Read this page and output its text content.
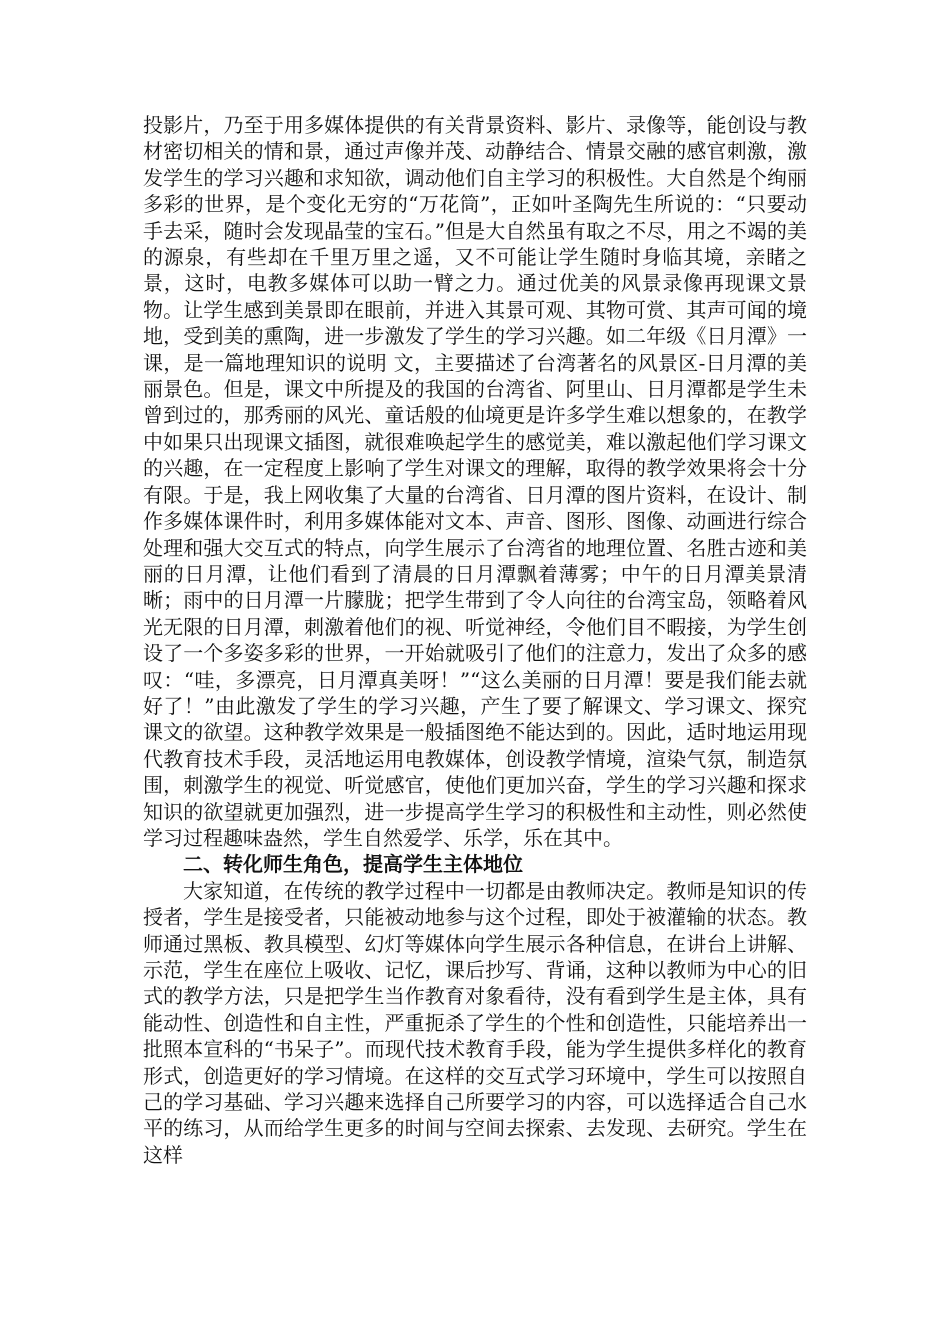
投影片，乃至于用多媒体提供的有关背景资料、影片、录像等，能创设与教材密切相关的情和景，通过声像并茂、动静结合、情景交融的感官刺激，激发学生的学习兴趣和求知欲，调动他们自主学习的积极性。大自然是个绚丽多彩的世界，是个变化无穷的“万花筒”，正如叶圣陶先生所说的：“只要动手去采，随时会发现晶莹的宝石。”但是大自然虽有取之不尽，用之不竭的美的源泉，有些却在千里万里之遥，又不可能让学生随时身临其境，亲睹之景，这时，电教多媒体可以助一臂之力。通过优美的风景录像再现课文景物。让学生感到美景即在眼前，并进入其景可观、其物可赏、其声可闻的境地，受到美的熏陶，进一步激发了学生的学习兴趣。如二年级《日月潭》一课，是一篇地理知识的说明 文，主要描述了台湾著名的风景区-日月潭的美丽景色。但是，课文中所提及的我国的台湾省、阿里山、日月潭都是学生未曾到过的，那秀丽的风光、童话般的仙境更是许多学生难以想象的，在教学中如果只出现课文插图，就很难唤起学生的感觉美，难以激起他们学习课文的兴趣，在一定程度上影响了学生对课文的理解，取得的教学效果将会十分有限。于是，我上网收集了大量的台湾省、日月潭的图片资料，在设计、制作多媒体课件时，利用多媒体能对文本、声音、图形、图像、动画进行综合处理和强大交互式的特点，向学生展示了台湾省的地理位置、名胜古迹和美丽的日月潭，让他们看到了清晨的日月潭飘着薄雾；中午的日月潭美景清晰；雨中的日月潭一片朦胧；把学生带到了令人向往的台湾宝岛，领略着风光无限的日月潭，刺激着他们的视、听觉神经，令他们目不暇接，为学生创设了一个多姿多彩的世界，一开始就吸引了他们的注意力，发出了众多的感叹：“哇，多漂亮，日月潭真美呀！”“这么美丽的日月潭！要是我们能去就好了！”由此激发了学生的学习兴趣，产生了要了解课文、学习课文、探究课文的欲望。这种教学效果是一般插图绝不能达到的。因此，适时地运用现代教育技术手段，灵活地运用电教媒体，创设教学情境，渲染气氛，制造氛围，刺激学生的视觉、听觉感官，使他们更加兴奋，学生的学习兴趣和探求知识的欲望就更加强烈，进一步提高学生学习的积极性和主动性，则必然使学习过程趣味盎然，学生自然爱学、乐学，乐在其中。

二、转化师生角色，提高学生主体地位

大家知道，在传统的教学过程中一切都是由教师决定。教师是知识的传授者，学生是接受者，只能被动地参与这个过程，即处于被灌输的状态。教师通过黑板、教具模型、幻灯等媒体向学生展示各种信息，在讲台上讲解、示范，学生在座位上吸收、记忆，课后抄写、背诵，这种以教师为中心的旧式的教学方法，只是把学生当作教育对象看待，没有看到学生是主体，具有能动性、创造性和自主性，严重扼杀了学生的个性和创造性，只能培养出一批照本宣科的“书呆子”。而现代技术教育手段，能为学生提供多样化的教育形式，创造更好的学习情境。在这样的交互式学习环境中，学生可以按照自己的学习基础、学习兴趣来选择自己所要学习的内容，可以选择适合自己水平的练习，从而给学生更多的时间与空间去探索、去发现、去研究。学生在这样
